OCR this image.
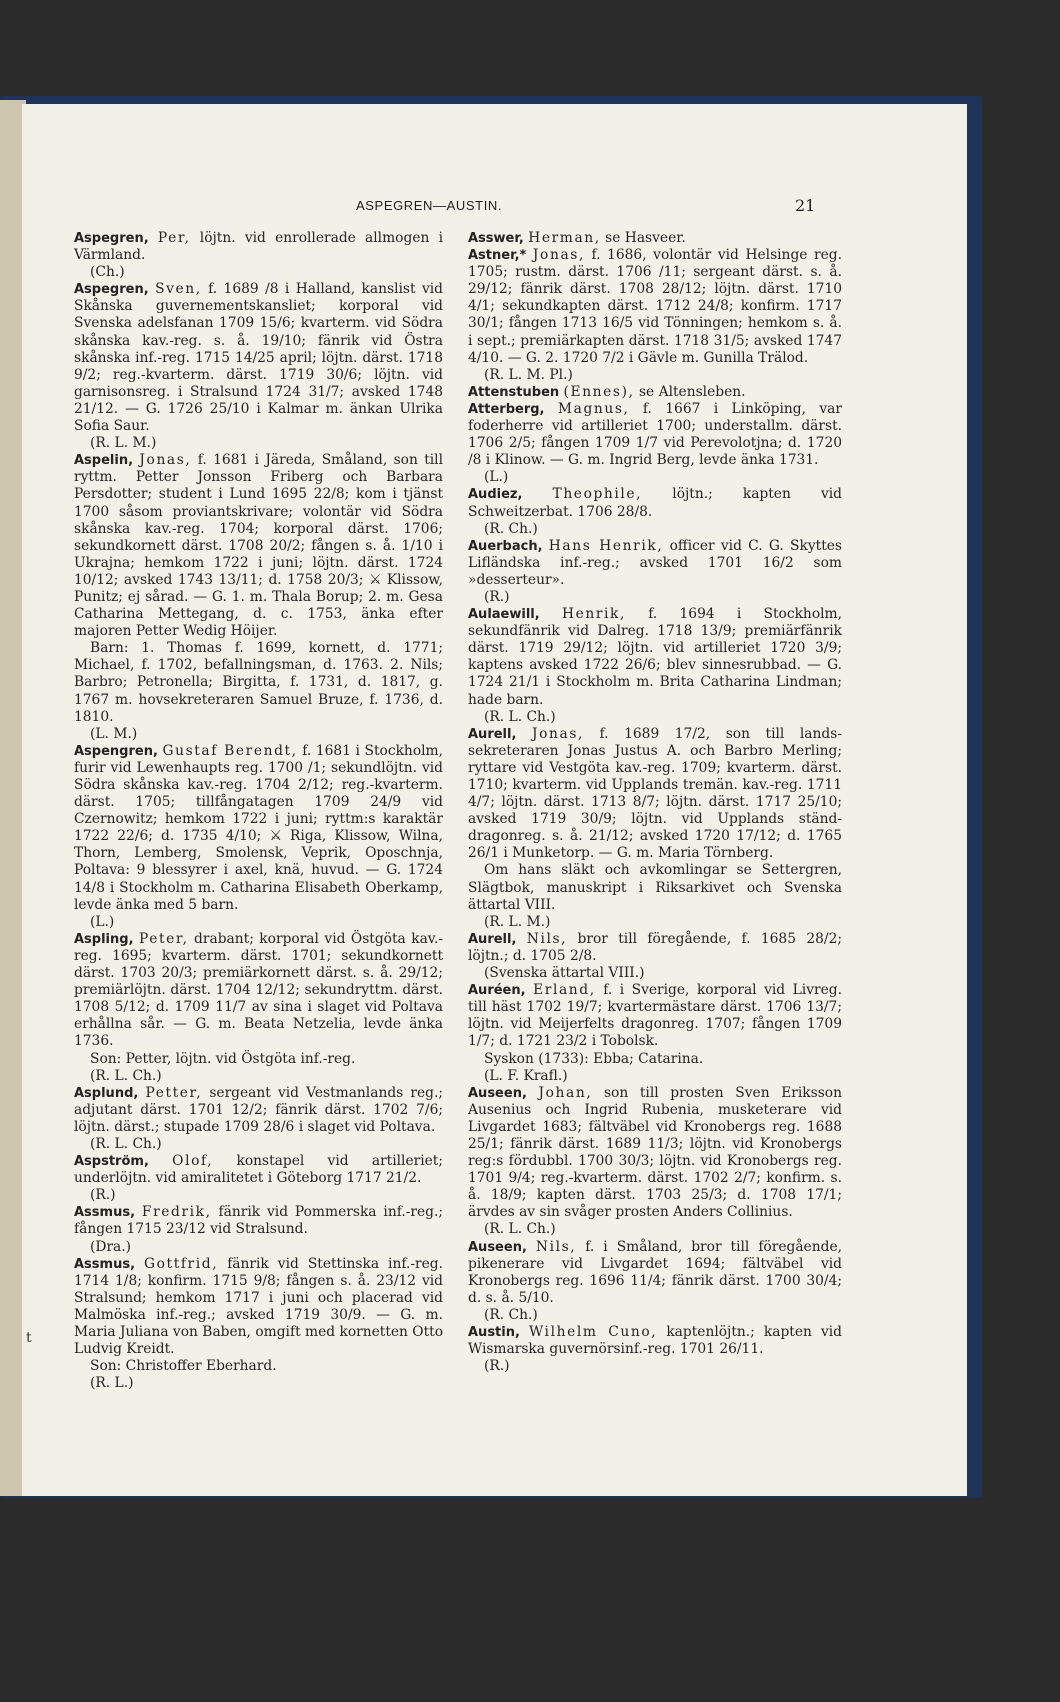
ASPEGREN—AUSTIN.	21

Aspegren, Per, löjtn. vid enrollerade allmogen i Värmland.

(Ch.)

Aspegren, Sven, f. 1689 /8 i Halland, kanslist vid Skånska guvernementskansliet; korporal vid Svenska adelsfanan 1709 15/6; kvarterm. vid Södra skånska kav.-reg. s. å. 19/10; fänrik vid Östra skånska inf.-reg. 1715 14/25 april; löjtn. därst. 1718 9/2; reg.-kvarterm. därst. 1719 30/6; löjtn. vid garnisonsreg. i Stralsund 1724 31/7; avsked 1748 21/12. — G. 1726 25/10 i Kalmar m. änkan Ulrika Sofia Saur.

(R. L. M.)

Aspelin, Jonas, f. 1681 i Järeda, Småland, son till ryttm. Petter Jonsson Friberg och Barbara Persdotter; student i Lund 1695 22/8; kom i tjänst 1700 såsom proviantskrivare; volontär vid Södra skånska kav.-reg. 1704; korporal därst. 1706; sekundkornett därst. 1708 20/2; fången s. å. 1/10 i Ukrajna; hemkom 1722 i juni; löjtn. därst. 1724 10/12; avsked 1743 13/11; d. 1758 20/3; ⚔ Klissow, Punitz; ej sårad. — G. 1. m. Thala Borup; 2. m. Gesa Catharina Mettegang, d. c. 1753, änka efter majoren Petter Wedig Höijer.

Barn: 1. Thomas f. 1699, kornett, d. 1771; Michael, f. 1702, befallningsman, d. 1763. 2. Nils; Barbro; Petronella; Birgitta, f. 1731, d. 1817, g. 1767 m. hovsekreteraren Samuel Bruze, f. 1736, d. 1810.

(L. M.)

Aspengren, Gustaf Berendt, f. 1681 i Stockholm, furir vid Lewenhaupts reg. 1700 /1; sekundlöjtn. vid Södra skånska kav.-reg. 1704 2/12; reg.-kvarterm. därst. 1705; tillfångatagen 1709 24/9 vid Czernowitz; hemkom 1722 i juni; ryttm:s karaktär 1722 22/6; d. 1735 4/10; ⚔ Riga, Klissow, Wilna, Thorn, Lemberg, Smolensk, Veprik, Oposchnja, Poltava: 9 blessyrer i axel, knä, huvud. — G. 1724 14/8 i Stockholm m. Catharina Elisabeth Oberkamp, levde änka med 5 barn.

(L.)

Aspling, Peter, drabant; korporal vid Östgöta kav.-reg. 1695; kvarterm. därst. 1701; sekundkornett därst. 1703 20/3; premiärkornett därst. s. å. 29/12; premiärlöjtn. därst. 1704 12/12; sekundryttm. därst. 1708 5/12; d. 1709 11/7 av sina i slaget vid Poltava erhållna sår. — G. m. Beata Netzelia, levde änka 1736.

Son: Petter, löjtn. vid Östgöta inf.-reg.

(R. L. Ch.)

Asplund, Petter, sergeant vid Vestmanlands reg.; adjutant därst. 1701 12/2; fänrik därst. 1702 7/6; löjtn. därst.; stupade 1709 28/6 i slaget vid Poltava.

(R. L. Ch.)

Aspström, Olof, konstapel vid artilleriet; underlöjtn. vid amiralitetet i Göteborg 1717 21/2.

(R.)

Assmus, Fredrik, fänrik vid Pommerska inf.-reg.; fången 1715 23/12 vid Stralsund.

(Dra.)

Assmus, Gottfrid, fänrik vid Stettinska inf.-reg. 1714 1/8; konfirm. 1715 9/8; fången s. å. 23/12 vid Stralsund; hemkom 1717 i juni och placerad vid Malmöska inf.-reg.; avsked 1719 30/9. — G. m. Maria Juliana von Baben, omgift med kornetten Otto Ludvig Kreidt.

Son: Christoffer Eberhard.

(R. L.)

Asswer, Herman, se Hasveer.

Astner,* Jonas, f. 1686, volontär vid Helsinge reg. 1705; rustm. därst. 1706 /11; sergeant därst. s. å. 29/12; fänrik därst. 1708 28/12; löjtn. därst. 1710 4/1; sekundkapten därst. 1712 24/8; konfirm. 1717 30/1; fången 1713 16/5 vid Tönningen; hemkom s. å. i sept.; premiärkapten därst. 1718 31/5; avsked 1747 4/10. — G. 2. 1720 7/2 i Gävle m. Gunilla Trälod.

(R. L. M. Pl.)

Attenstuben (Ennes), se Altensleben.

Atterberg, Magnus, f. 1667 i Linköping, var foderherre vid artilleriet 1700; understallm. därst. 1706 2/5; fången 1709 1/7 vid Perevolotjna; d. 1720 /8 i Klinow. — G. m. Ingrid Berg, levde änka 1731.

(L.)

Audiez, Theophile, löjtn.; kapten vid Schweitzerbat. 1706 28/8.

(R. Ch.)

Auerbach, Hans Henrik, officer vid C. G. Skyttes Lifländska inf.-reg.; avsked 1701 16/2 som »desserteur».

(R.)

Aulaewill, Henrik, f. 1694 i Stockholm, sekundfänrik vid Dalreg. 1718 13/9; premiärfänrik därst. 1719 29/12; löjtn. vid artilleriet 1720 3/9; kaptens avsked 1722 26/6; blev sinnesrubbad. — G. 1724 21/1 i Stockholm m. Brita Catharina Lindman; hade barn.

(R. L. Ch.)

Aurell, Jonas, f. 1689 17/2, son till lands-sekreteraren Jonas Justus A. och Barbro Merling; ryttare vid Vestgöta kav.-reg. 1709; kvarterm. därst. 1710; kvarterm. vid Upplands tremän. kav.-reg. 1711 4/7; löjtn. därst. 1713 8/7; löjtn. därst. 1717 25/10; avsked 1719 30/9; löjtn. vid Upplands ständ-dragonreg. s. å. 21/12; avsked 1720 17/12; d. 1765 26/1 i Munketorp. — G. m. Maria Törnberg.

Om hans släkt och avkomlingar se Settergren, Slägtbok, manuskript i Riksarkivet och Svenska ättartal VIII.

(R. L. M.)

Aurell, Nils, bror till föregående, f. 1685 28/2; löjtn.; d. 1705 2/8.

(Svenska ättartal VIII.)

Auréen, Erland, f. i Sverige, korporal vid Livreg. till häst 1702 19/7; kvartermästare därst. 1706 13/7; löjtn. vid Meijerfelts dragonreg. 1707; fången 1709 1/7; d. 1721 23/2 i Tobolsk.

Syskon (1733): Ebba; Catarina.

(L. F. Krafl.)

Auseen, Johan, son till prosten Sven Eriksson Ausenius och Ingrid Rubenia, musketerare vid Livgardet 1683; fältväbel vid Kronobergs reg. 1688 25/1; fänrik därst. 1689 11/3; löjtn. vid Kronobergs reg:s fördubbl. 1700 30/3; löjtn. vid Kronobergs reg. 1701 9/4; reg.-kvarterm. därst. 1702 2/7; konfirm. s. å. 18/9; kapten därst. 1703 25/3; d. 1708 17/1; ärvdes av sin svåger prosten Anders Collinius.

(R. L. Ch.)

Auseen, Nils, f. i Småland, bror till föregående, pikenerare vid Livgardet 1694; fältväbel vid Kronobergs reg. 1696 11/4; fänrik därst. 1700 30/4; d. s. å. 5/10.

(R. Ch.)

Austin, Wilhelm Cuno, kaptenlöjtn.; kapten vid Wismarska guvernörsinf.-reg. 1701 26/11.

(R.)

t
